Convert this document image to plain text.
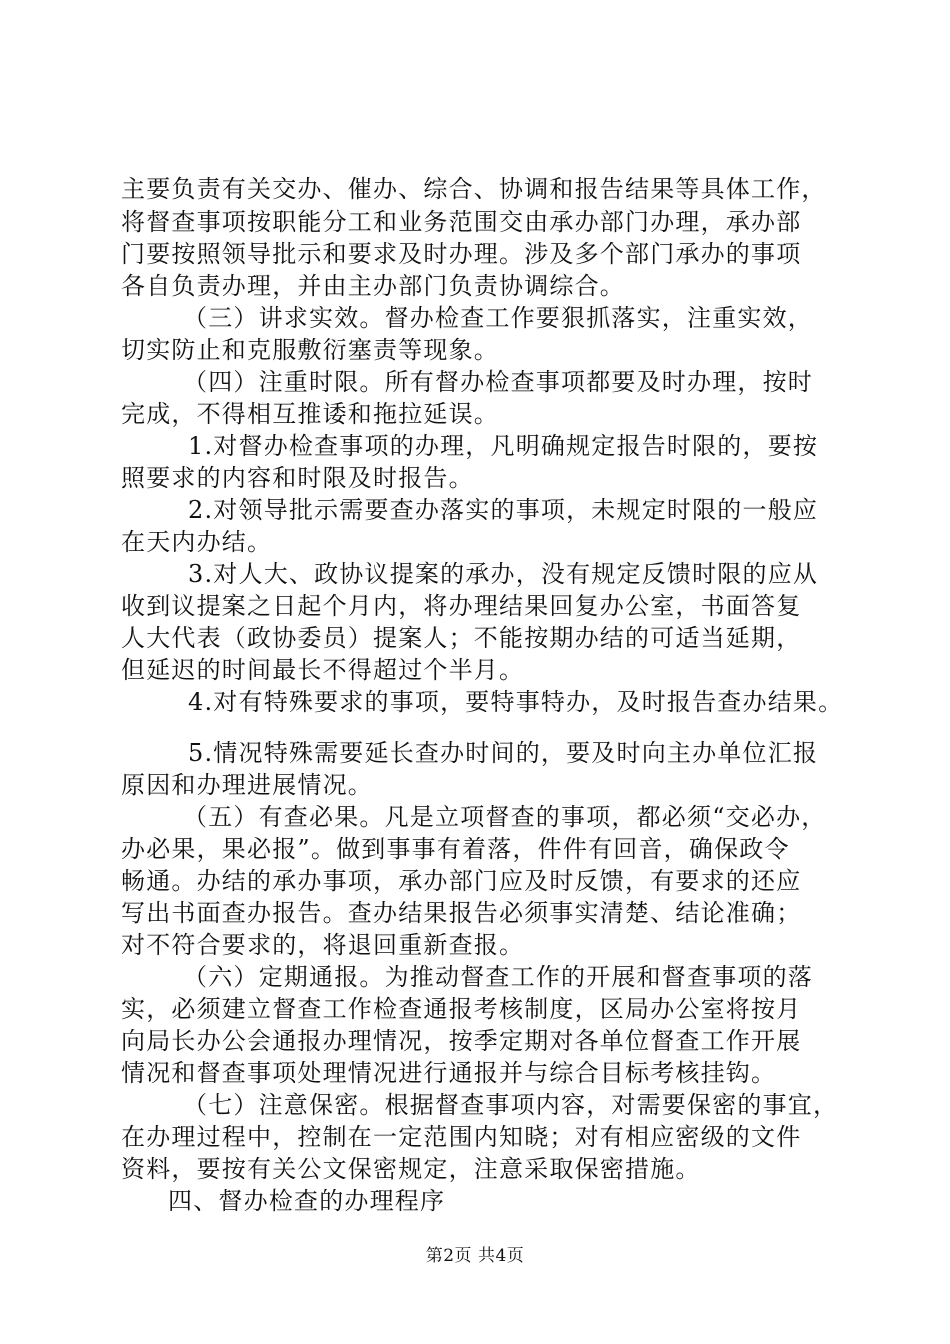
主要负责有关交办、催办、综合、协调和报告结果等具体工作，
将督查事项按职能分工和业务范围交由承办部门办理，承办部
门要按照领导批示和要求及时办理。涉及多个部门承办的事项
各自负责办理，并由主办部门负责协调综合。
（三）讲求实效。督办检查工作要狠抓落实，注重实效，
切实防止和克服敷衍塞责等现象。
（四）注重时限。所有督办检查事项都要及时办理，按时
完成，不得相互推诿和拖拉延误。
1.对督办检查事项的办理，凡明确规定报告时限的，要按
照要求的内容和时限及时报告。
2.对领导批示需要查办落实的事项，未规定时限的一般应
在天内办结。
3.对人大、政协议提案的承办，没有规定反馈时限的应从
收到议提案之日起个月内，将办理结果回复办公室，书面答复
人大代表（政协委员）提案人；不能按期办结的可适当延期，
但延迟的时间最长不得超过个半月。
4.对有特殊要求的事项，要特事特办，及时报告查办结果。
5.情况特殊需要延长查办时间的，要及时向主办单位汇报
原因和办理进展情况。
（五）有查必果。凡是立项督查的事项，都必须“交必办，
办必果，果必报”。做到事事有着落，件件有回音，确保政令
畅通。办结的承办事项，承办部门应及时反馈，有要求的还应
写出书面查办报告。查办结果报告必须事实清楚、结论准确；
对不符合要求的，将退回重新查报。
（六）定期通报。为推动督查工作的开展和督查事项的落
实，必须建立督查工作检查通报考核制度，区局办公室将按月
向局长办公会通报办理情况，按季定期对各单位督查工作开展
情况和督查事项处理情况进行通报并与综合目标考核挂钩。
（七）注意保密。根据督查事项内容，对需要保密的事宜，
在办理过程中，控制在一定范围内知晓；对有相应密级的文件
资料，要按有关公文保密规定，注意采取保密措施。
四、督办检查的办理程序
第2页 共4页
